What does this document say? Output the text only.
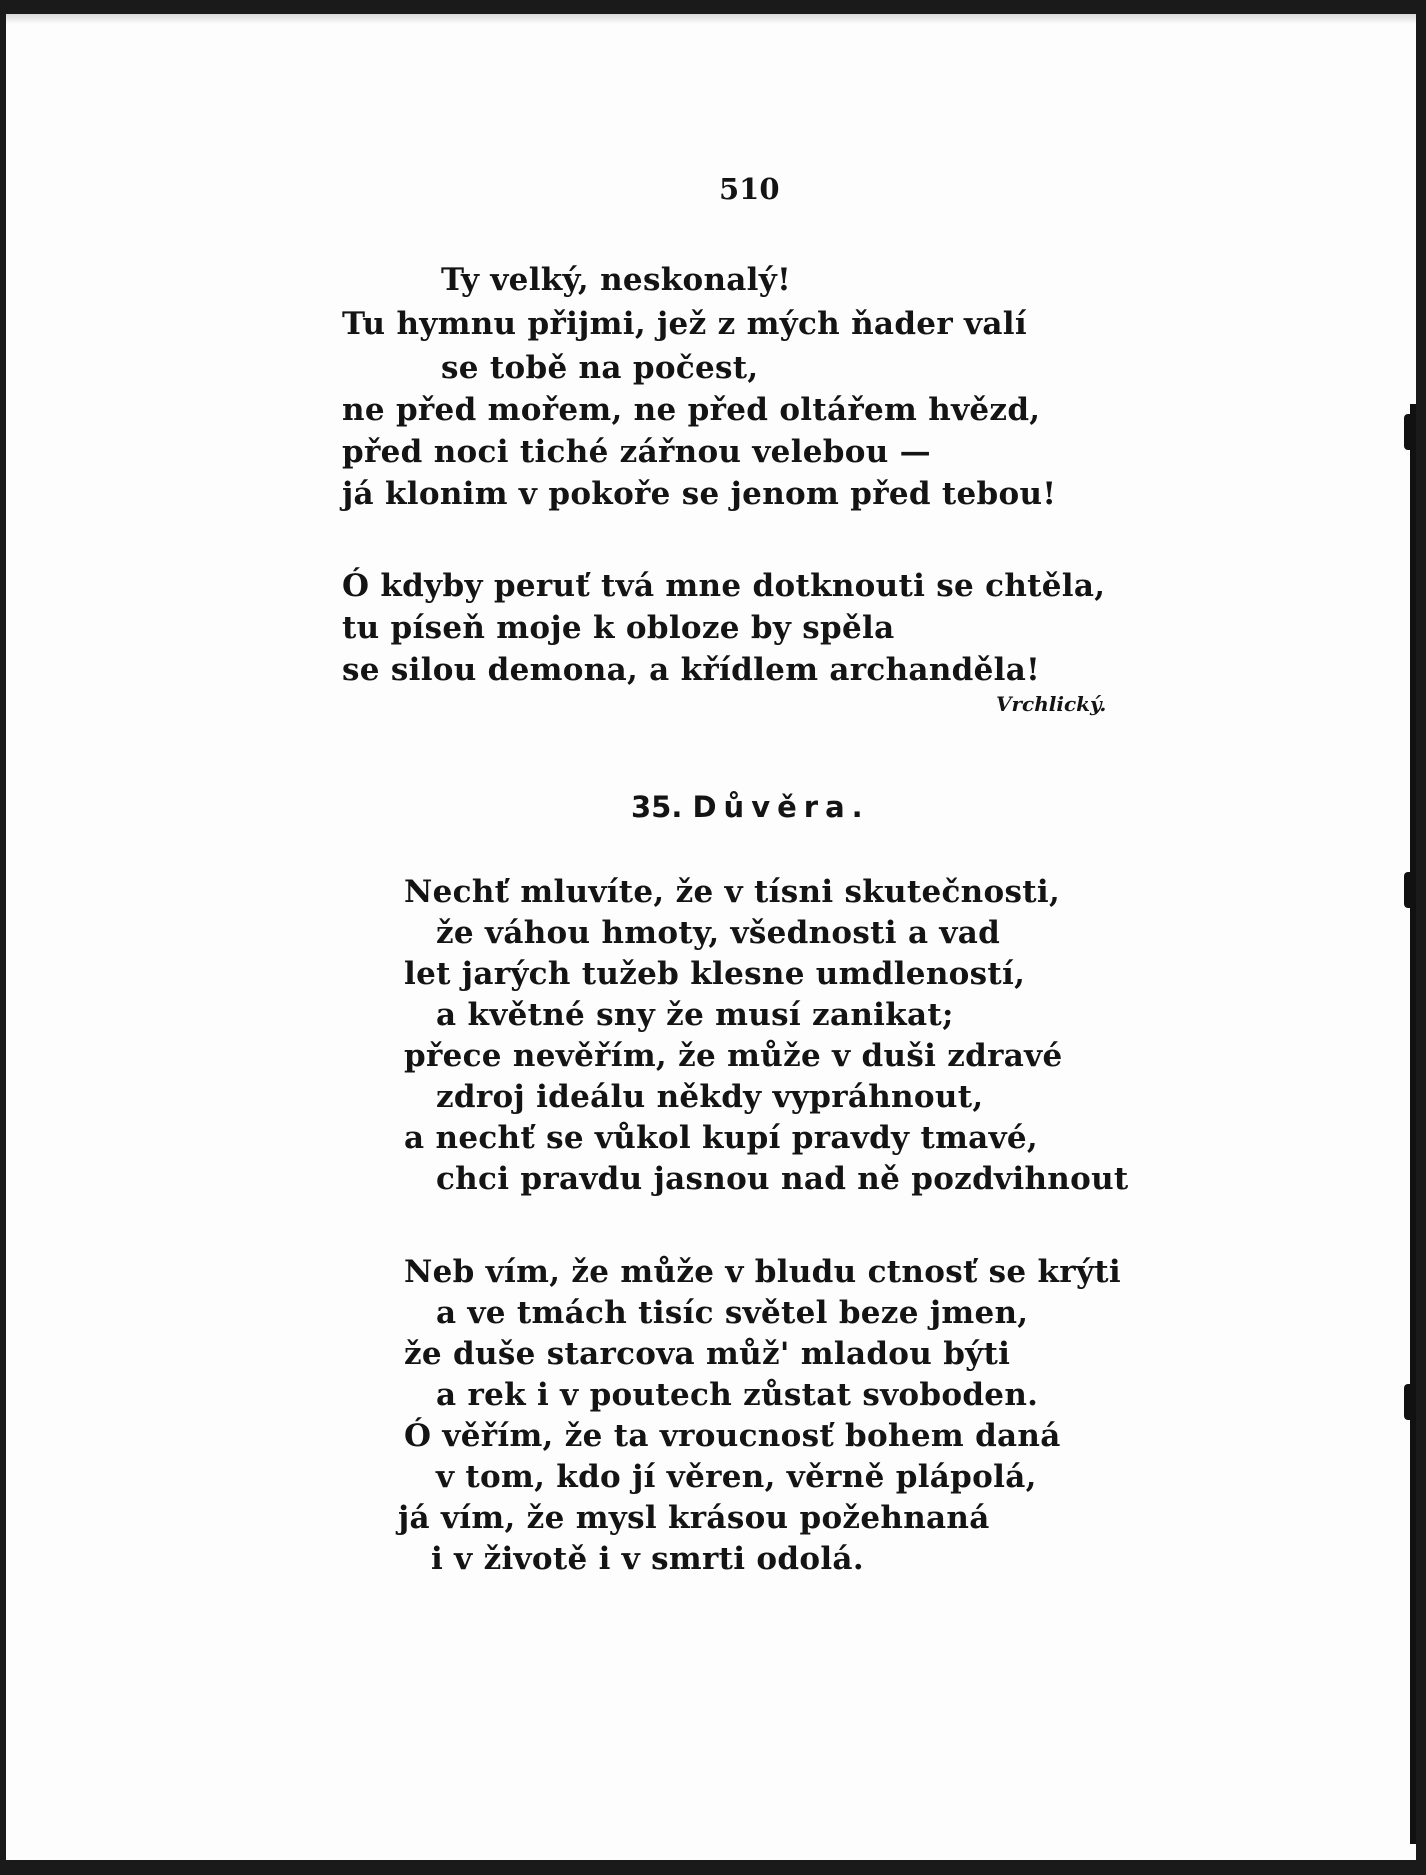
510

Ty velký, neskonalý!

Tu hymnu přijmi, jež z mých ňader valí

se tobě na počest,

ne před mořem, ne před oltářem hvězd,

před noci tiché zářnou velebou —

já klonim v pokoře se jenom před tebou!

Ó kdyby peruť tvá mne dotknouti se chtěla,

tu píseň moje k obloze by spěla

se silou demona, a křídlem archanděla!

Vrchlický.

35. Důvěra.

Nechť mluvíte, že v tísni skutečnosti,

že váhou hmoty, všednosti a vad

let jarých tužeb klesne umdleností,

a květné sny že musí zanikat;

přece nevěřím, že může v duši zdravé

zdroj ideálu někdy vypráhnout,

a nechť se vůkol kupí pravdy tmavé,

chci pravdu jasnou nad ně pozdvihnout

Neb vím, že může v bludu ctnosť se krýti

a ve tmách tisíc světel beze jmen,

že duše starcova můž' mladou býti

a rek i v poutech zůstat svoboden.

Ó věřím, že ta vroucnosť bohem daná

v tom, kdo jí věren, věrně plápolá,

já vím, že mysl krásou požehnaná

i v životě i v smrti odolá.
